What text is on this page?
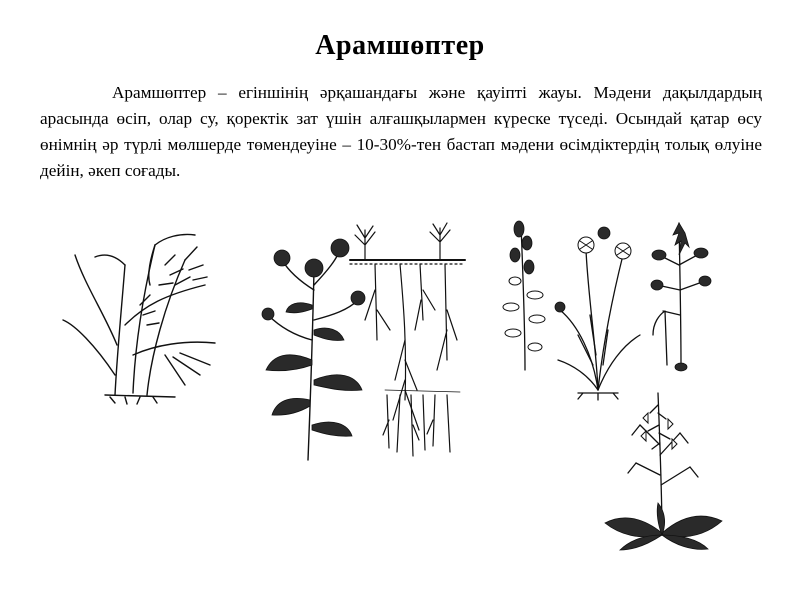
Арамшөптер

Арамшөптер – егіншінің әрқашандағы және қауіпті жауы. Мәдени дақылдардың арасында өсіп, олар су, қоректік зат үшін алғашқылармен күреске түседі. Осындай қатар өсу өнімнің әр түрлі мөлшерде төмендеуіне – 10-30%-тен бастап мәдени өсімдіктердің толық өлуіне дейін, әкеп соғады.
